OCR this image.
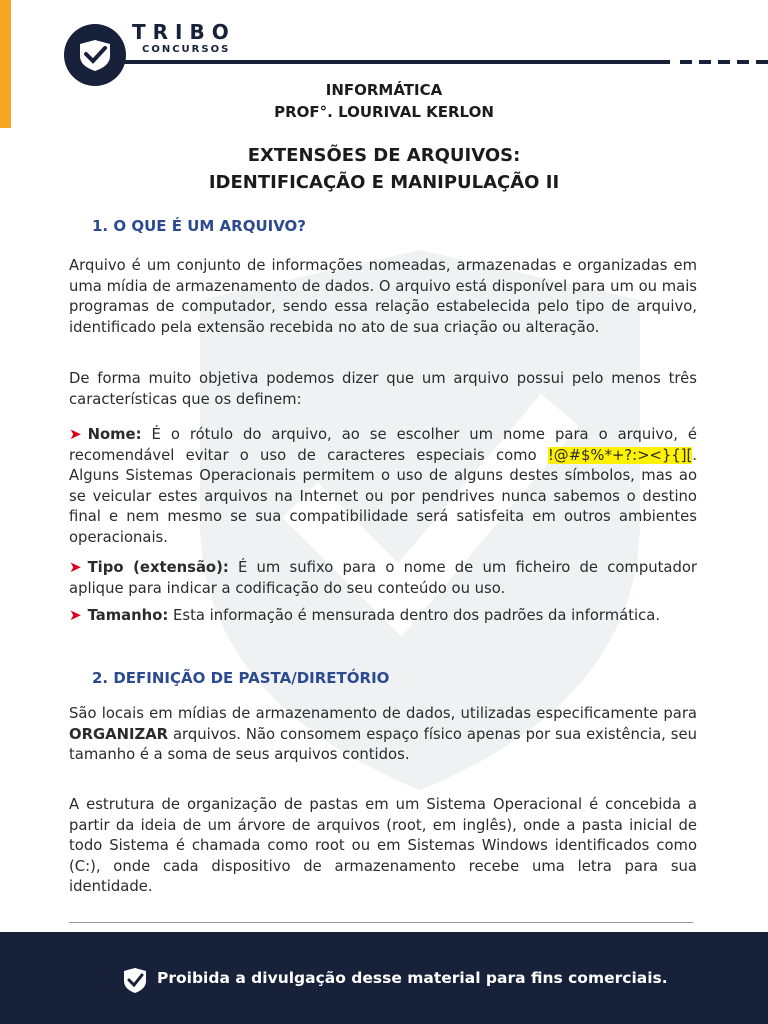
TRIBO
CONCURSOS
INFORMÁTICA
PROF°. LOURIVAL KERLON
EXTENSÕES DE ARQUIVOS:
IDENTIFICAÇÃO E MANIPULAÇÃO II
1. O QUE É UM ARQUIVO?
Arquivo é um conjunto de informações nomeadas, armazenadas e organizadas em uma mídia de armazenamento de dados. O arquivo está disponível para um ou mais programas de computador, sendo essa relação estabelecida pelo tipo de arquivo, identificado pela extensão recebida no ato de sua criação ou alteração.
De forma muito objetiva podemos dizer que um arquivo possui pelo menos três características que os definem:
➤ Nome: É o rótulo do arquivo, ao se escolher um nome para o arquivo, é recomendável evitar o uso de caracteres especiais como !@#$%*+?:><}{][. Alguns Sistemas Operacionais permitem o uso de alguns destes símbolos, mas ao se veicular estes arquivos na Internet ou por pendrives nunca sabemos o destino final e nem mesmo se sua compatibilidade será satisfeita em outros ambientes operacionais.
➤ Tipo (extensão): É um sufixo para o nome de um ficheiro de computador aplique para indicar a codificação do seu conteúdo ou uso.
➤ Tamanho: Esta informação é mensurada dentro dos padrões da informática.
2. DEFINIÇÃO DE PASTA/DIRETÓRIO
São locais em mídias de armazenamento de dados, utilizadas especificamente para ORGANIZAR arquivos. Não consomem espaço físico apenas por sua existência, seu tamanho é a soma de seus arquivos contidos.
A estrutura de organização de pastas em um Sistema Operacional é concebida a partir da ideia de um árvore de arquivos (root, em inglês), onde a pasta inicial de todo Sistema é chamada como root ou em Sistemas Windows identificados como (C:), onde cada dispositivo de armazenamento recebe uma letra para sua identidade.
Proibida a divulgação desse material para fins comerciais.
